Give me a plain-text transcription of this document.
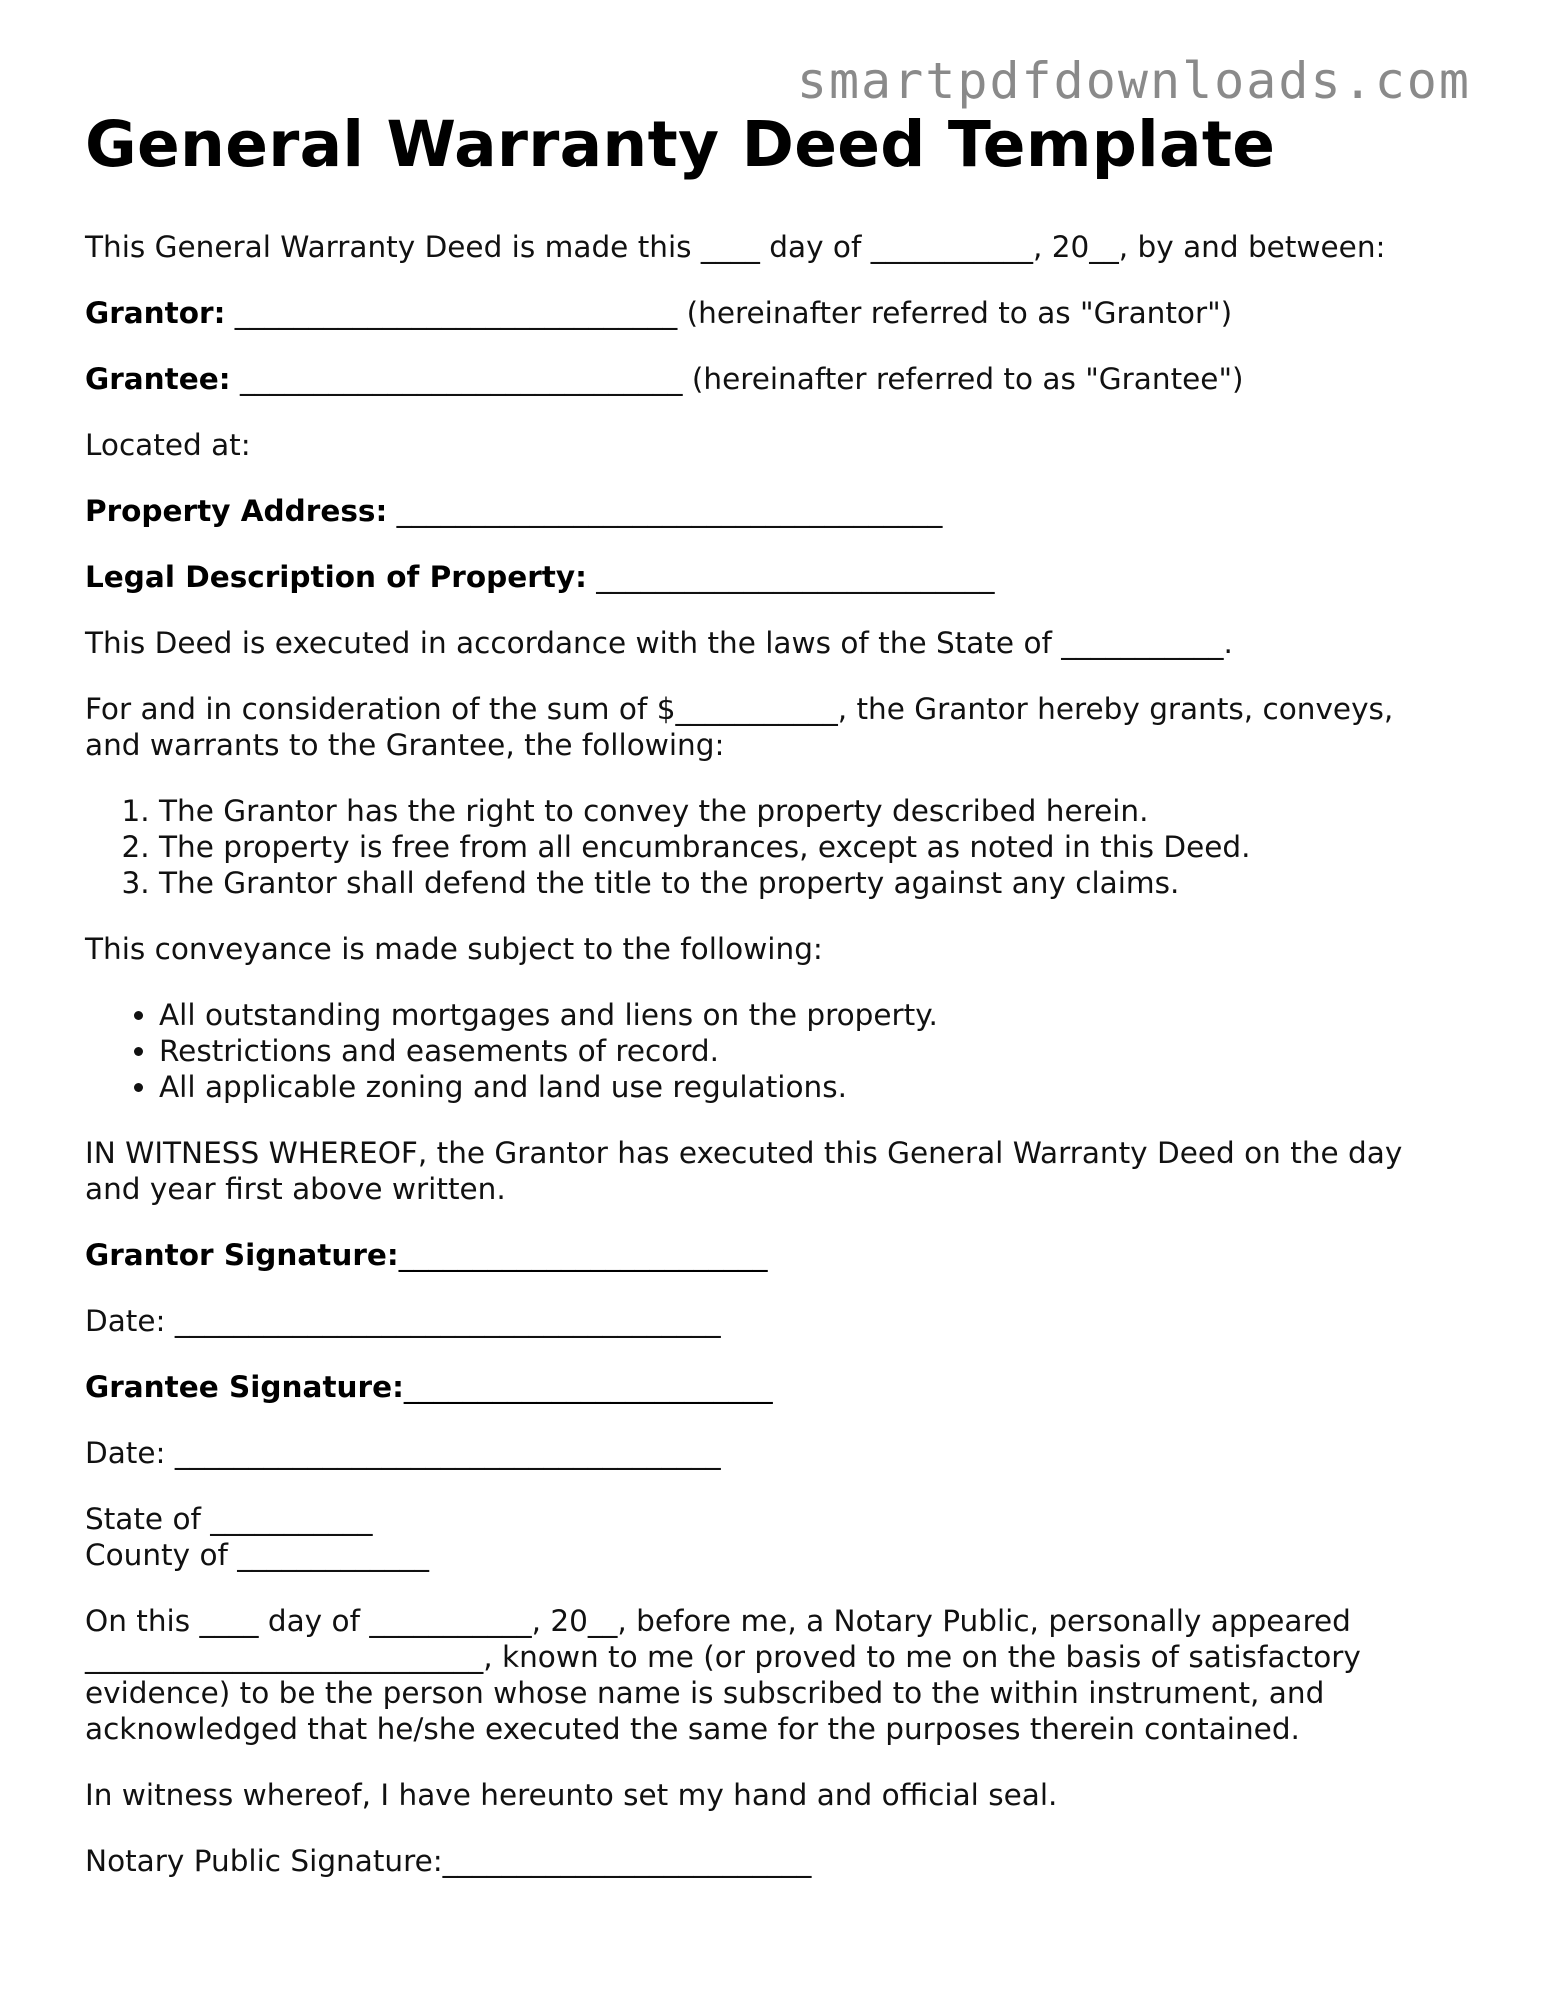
smartpdfdownloads.com
General Warranty Deed Template

This General Warranty Deed is made this ____ day of ___________, 20__, by and between:

Grantor: ______________________________ (hereinafter referred to as "Grantor")

Grantee: ______________________________ (hereinafter referred to as "Grantee")

Located at:

Property Address: _____________________________________

Legal Description of Property: ___________________________

This Deed is executed in accordance with the laws of the State of ___________.

For and in consideration of the sum of $___________, the Grantor hereby grants, conveys, and warrants to the Grantee, the following:

1. The Grantor has the right to convey the property described herein.
2. The property is free from all encumbrances, except as noted in this Deed.
3. The Grantor shall defend the title to the property against any claims.

This conveyance is made subject to the following:

• All outstanding mortgages and liens on the property.
• Restrictions and easements of record.
• All applicable zoning and land use regulations.

IN WITNESS WHEREOF, the Grantor has executed this General Warranty Deed on the day and year first above written.

Grantor Signature:_________________________

Date: _____________________________________

Grantee Signature:_________________________

Date: _____________________________________

State of ___________
County of _____________

On this ____ day of ___________, 20__, before me, a Notary Public, personally appeared ___________________________, known to me (or proved to me on the basis of satisfactory evidence) to be the person whose name is subscribed to the within instrument, and acknowledged that he/she executed the same for the purposes therein contained.

In witness whereof, I have hereunto set my hand and official seal.

Notary Public Signature:_________________________
